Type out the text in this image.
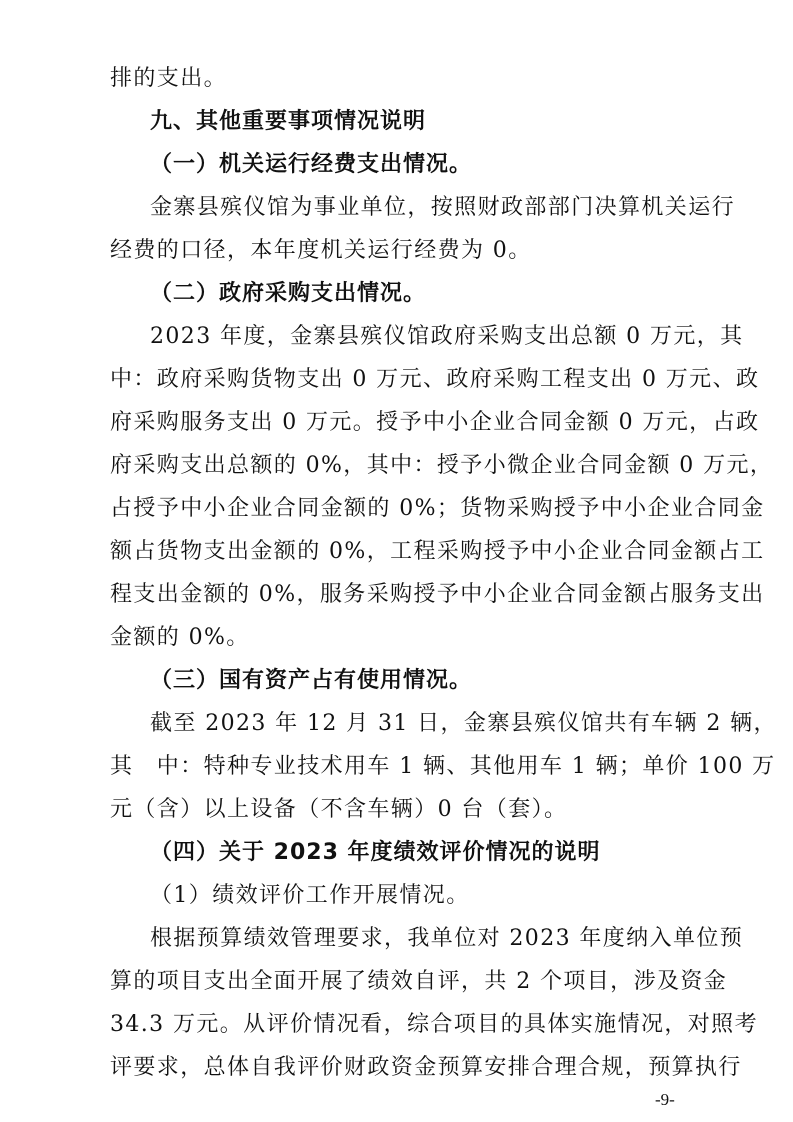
排的支出。
九、其他重要事项情况说明
（一）机关运行经费支出情况。
金寨县殡仪馆为事业单位，按照财政部部门决算机关运行
经费的口径，本年度机关运行经费为 0。
（二）政府采购支出情况。
2023 年度，金寨县殡仪馆政府采购支出总额 0 万元，其
中：政府采购货物支出 0 万元、政府采购工程支出 0 万元、政
府采购服务支出 0 万元。授予中小企业合同金额 0 万元，占政
府采购支出总额的 0%，其中：授予小微企业合同金额 0 万元，
占授予中小企业合同金额的 0%；货物采购授予中小企业合同金
额占货物支出金额的 0%，工程采购授予中小企业合同金额占工
程支出金额的 0%，服务采购授予中小企业合同金额占服务支出
金额的 0%。
（三）国有资产占有使用情况。
截至 2023 年 12 月 31 日，金寨县殡仪馆共有车辆 2 辆，
其　中：特种专业技术用车 1 辆、其他用车 1 辆；单价 100 万
元（含）以上设备（不含车辆）0 台（套）。
（四）关于 2023 年度绩效评价情况的说明
（1）绩效评价工作开展情况。
根据预算绩效管理要求，我单位对 2023 年度纳入单位预
算的项目支出全面开展了绩效自评，共 2 个项目，涉及资金
34.3 万元。从评价情况看，综合项目的具体实施情况，对照考
评要求，总体自我评价财政资金预算安排合理合规，预算执行
-9-
